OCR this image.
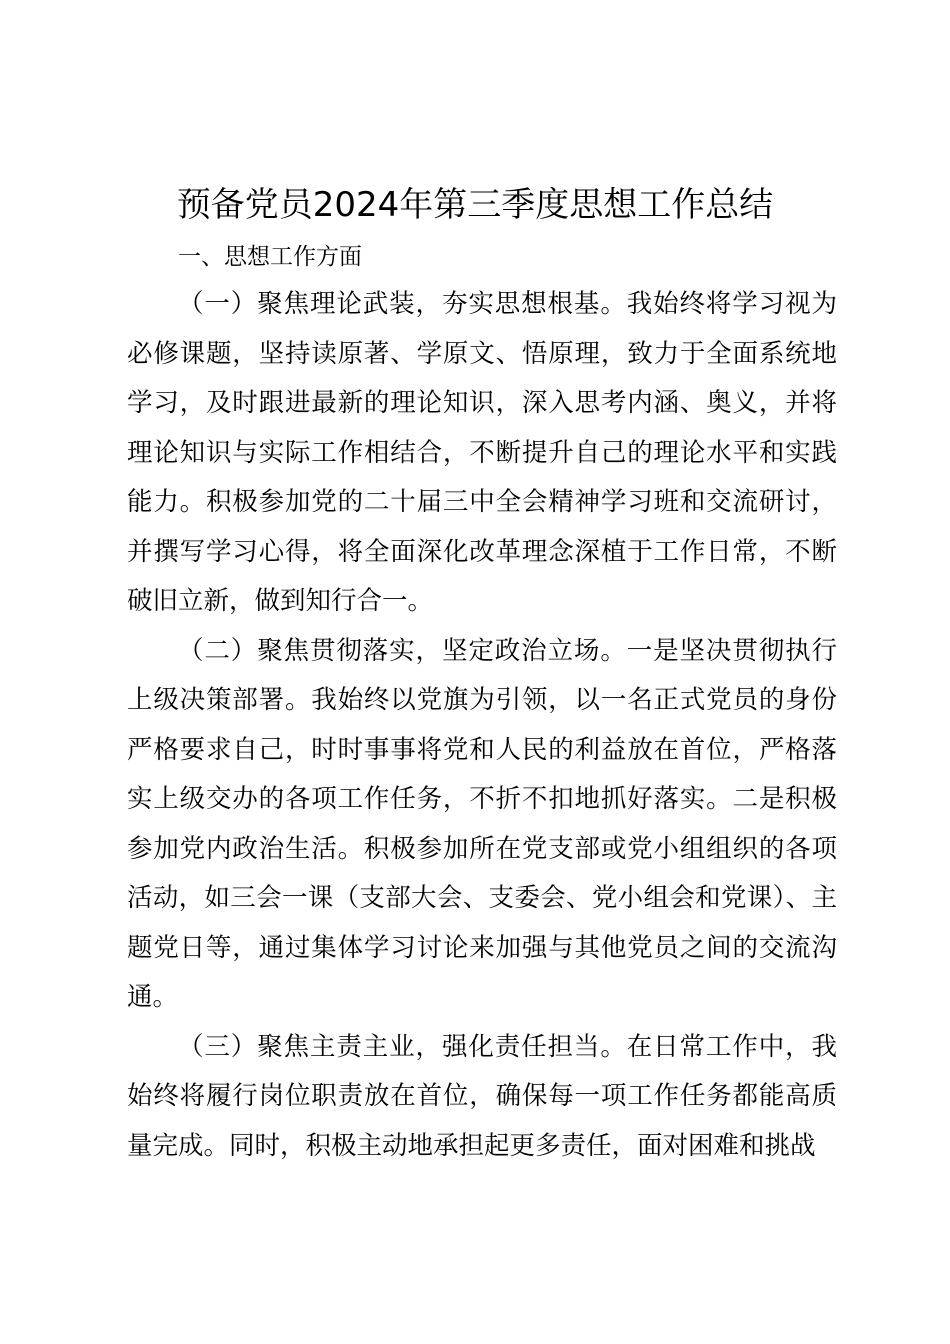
预备党员2024年第三季度思想工作总结

一、思想工作方面

（一）聚焦理论武装，夯实思想根基。我始终将学习视为必修课题，坚持读原著、学原文、悟原理，致力于全面系统地学习，及时跟进最新的理论知识，深入思考内涵、奥义，并将理论知识与实际工作相结合，不断提升自己的理论水平和实践能力。积极参加党的二十届三中全会精神学习班和交流研讨，并撰写学习心得，将全面深化改革理念深植于工作日常，不断破旧立新，做到知行合一。

（二）聚焦贯彻落实，坚定政治立场。一是坚决贯彻执行上级决策部署。我始终以党旗为引领，以一名正式党员的身份严格要求自己，时时事事将党和人民的利益放在首位，严格落实上级交办的各项工作任务，不折不扣地抓好落实。二是积极参加党内政治生活。积极参加所在党支部或党小组组织的各项活动，如三会一课（支部大会、支委会、党小组会和党课）、主题党日等，通过集体学习讨论来加强与其他党员之间的交流沟通。

（三）聚焦主责主业，强化责任担当。在日常工作中，我始终将履行岗位职责放在首位，确保每一项工作任务都能高质量完成。同时，积极主动地承担起更多责任，面对困难和挑战
